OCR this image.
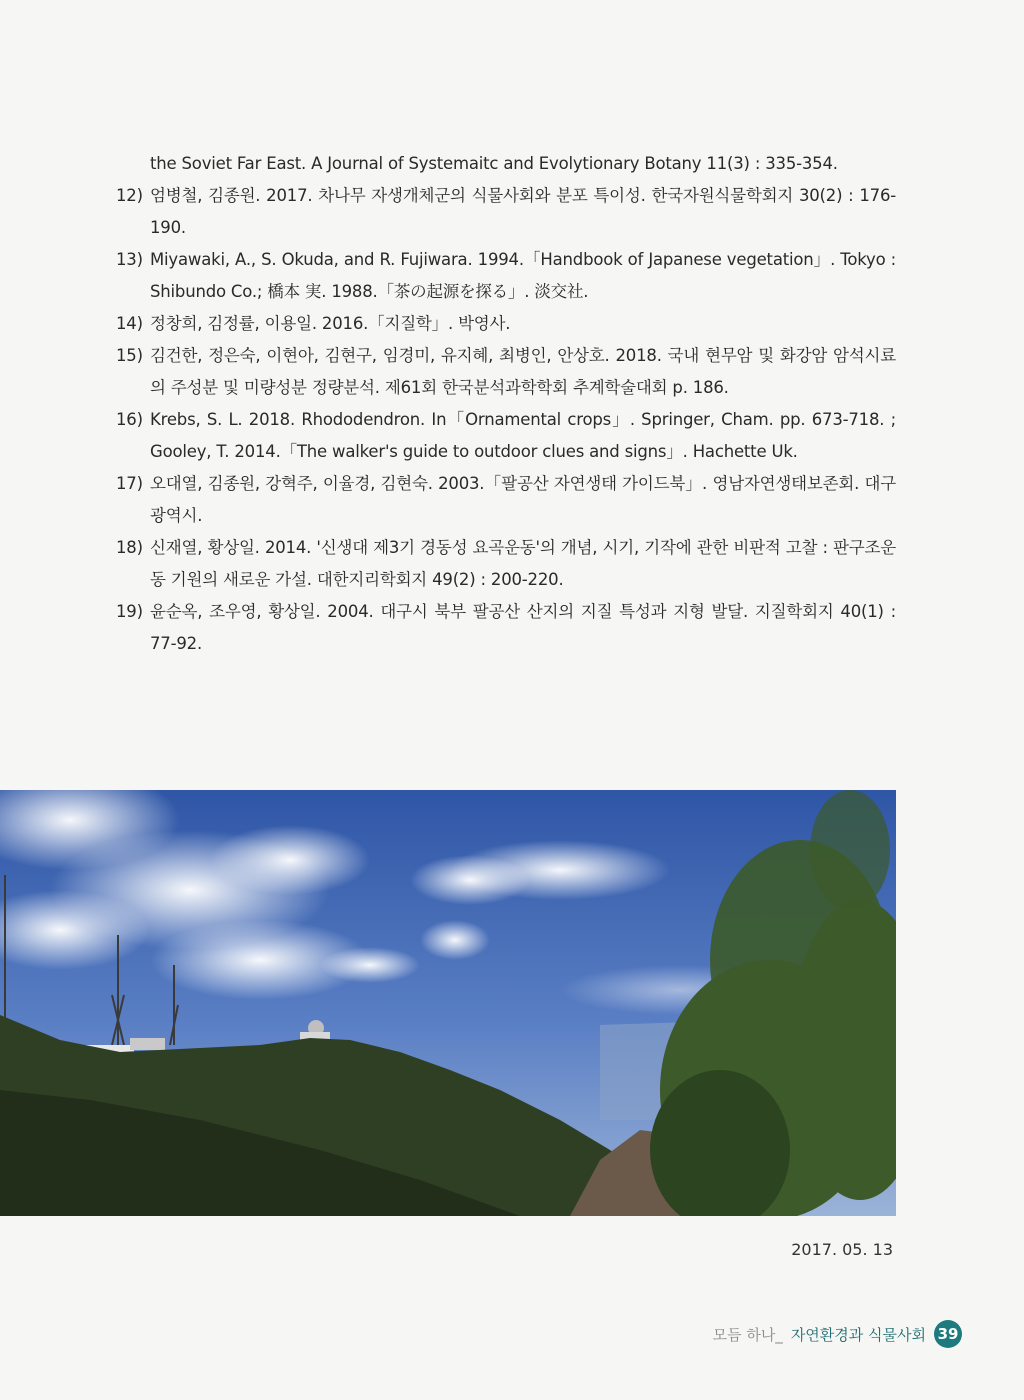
the Soviet Far East. A Journal of Systemaitc and Evolytionary Botany 11(3) : 335-354.
12) 엄병철, 김종원. 2017. 차나무 자생개체군의 식물사회와 분포 특이성. 한국자원식물학회지 30(2) : 176-190.
13) Miyawaki, A., S. Okuda, and R. Fujiwara. 1994.「Handbook of Japanese vegetation」. Tokyo : Shibundo Co.; 橋本 実. 1988.「茶の起源を探る」. 淡交社.
14) 정창희, 김정률, 이용일. 2016.「지질학」. 박영사.
15) 김건한, 정은숙, 이현아, 김현구, 임경미, 유지혜, 최병인, 안상호. 2018. 국내 현무암 및 화강암 암석시료의 주성분 및 미량성분 정량분석. 제61회 한국분석과학학회 추계학술대회 p. 186.
16) Krebs, S. L. 2018. Rhododendron. In「Ornamental crops」. Springer, Cham. pp. 673-718. ; Gooley, T. 2014.「The walker's guide to outdoor clues and signs」. Hachette Uk.
17) 오대열, 김종원, 강혁주, 이율경, 김현숙. 2003.「팔공산 자연생태 가이드북」. 영남자연생태보존회. 대구광역시.
18) 신재열, 황상일. 2014. '신생대 제3기 경동성 요곡운동'의 개념, 시기, 기작에 관한 비판적 고찰 : 판구조운동 기원의 새로운 가설. 대한지리학회지 49(2) : 200-220.
19) 윤순옥, 조우영, 황상일. 2004. 대구시 북부 팔공산 산지의 지질 특성과 지형 발달. 지질학회지 40(1) : 77-92.
2017. 05. 13
모듬 하나_ 자연환경과 식물사회 39
